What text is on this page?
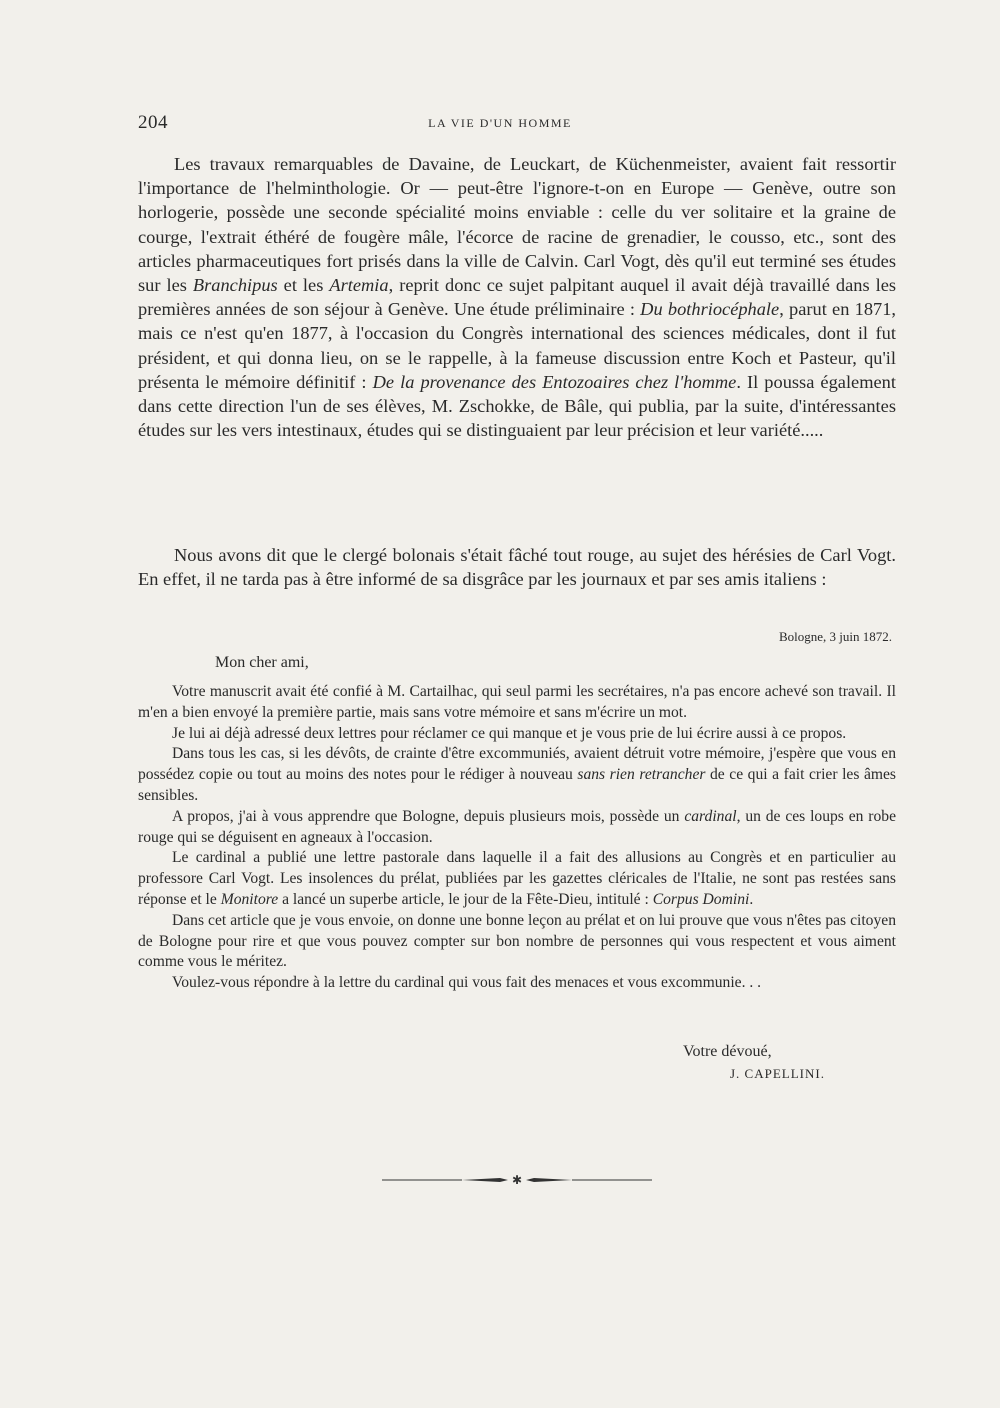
204	LA VIE D'UN HOMME

Les travaux remarquables de Davaine, de Leuckart, de Küchenmeister, avaient fait ressortir l'importance de l'helminthologie. Or — peut-être l'ignore-t-on en Europe — Genève, outre son horlogerie, possède une seconde spécialité moins enviable : celle du ver solitaire et la graine de courge, l'extrait éthéré de fougère mâle, l'écorce de racine de grenadier, le cousso, etc., sont des articles pharmaceutiques fort prisés dans la ville de Calvin. Carl Vogt, dès qu'il eut terminé ses études sur les Branchipus et les Artemia, reprit donc ce sujet palpitant auquel il avait déjà travaillé dans les premières années de son séjour à Genève. Une étude préliminaire : Du bothriocéphale, parut en 1871, mais ce n'est qu'en 1877, à l'occasion du Congrès international des sciences médicales, dont il fut président, et qui donna lieu, on se le rappelle, à la fameuse discussion entre Koch et Pasteur, qu'il présenta le mémoire définitif : De la provenance des Entozoaires chez l'homme. Il poussa également dans cette direction l'un de ses élèves, M. Zschokke, de Bâle, qui publia, par la suite, d'intéressantes études sur les vers intestinaux, études qui se distinguaient par leur précision et leur variété.....

Nous avons dit que le clergé bolonais s'était fâché tout rouge, au sujet des hérésies de Carl Vogt. En effet, il ne tarda pas à être informé de sa disgrâce par les journaux et par ses amis italiens :

Bologne, 3 juin 1872.
Mon cher ami,

Votre manuscrit avait été confié à M. Cartailhac, qui seul parmi les secrétaires, n'a pas encore achevé son travail. Il m'en a bien envoyé la première partie, mais sans votre mémoire et sans m'écrire un mot.

Je lui ai déjà adressé deux lettres pour réclamer ce qui manque et je vous prie de lui écrire aussi à ce propos.

Dans tous les cas, si les dévôts, de crainte d'être excommuniés, avaient détruit votre mémoire, j'espère que vous en possédez copie ou tout au moins des notes pour le rédiger à nouveau sans rien retrancher de ce qui a fait crier les âmes sensibles.

A propos, j'ai à vous apprendre que Bologne, depuis plusieurs mois, possède un cardinal, un de ces loups en robe rouge qui se déguisent en agneaux à l'occasion.

Le cardinal a publié une lettre pastorale dans laquelle il a fait des allusions au Congrès et en particulier au professore Carl Vogt. Les insolences du prélat, publiées par les gazettes cléricales de l'Italie, ne sont pas restées sans réponse et le Monitore a lancé un superbe article, le jour de la Fête-Dieu, intitulé : Corpus Domini.

Dans cet article que je vous envoie, on donne une bonne leçon au prélat et on lui prouve que vous n'êtes pas citoyen de Bologne pour rire et que vous pouvez compter sur bon nombre de personnes qui vous respectent et vous aiment comme vous le méritez.

Voulez-vous répondre à la lettre du cardinal qui vous fait des menaces et vous excommunie. . .

Votre dévoué,
J. CAPELLINI.
✱
